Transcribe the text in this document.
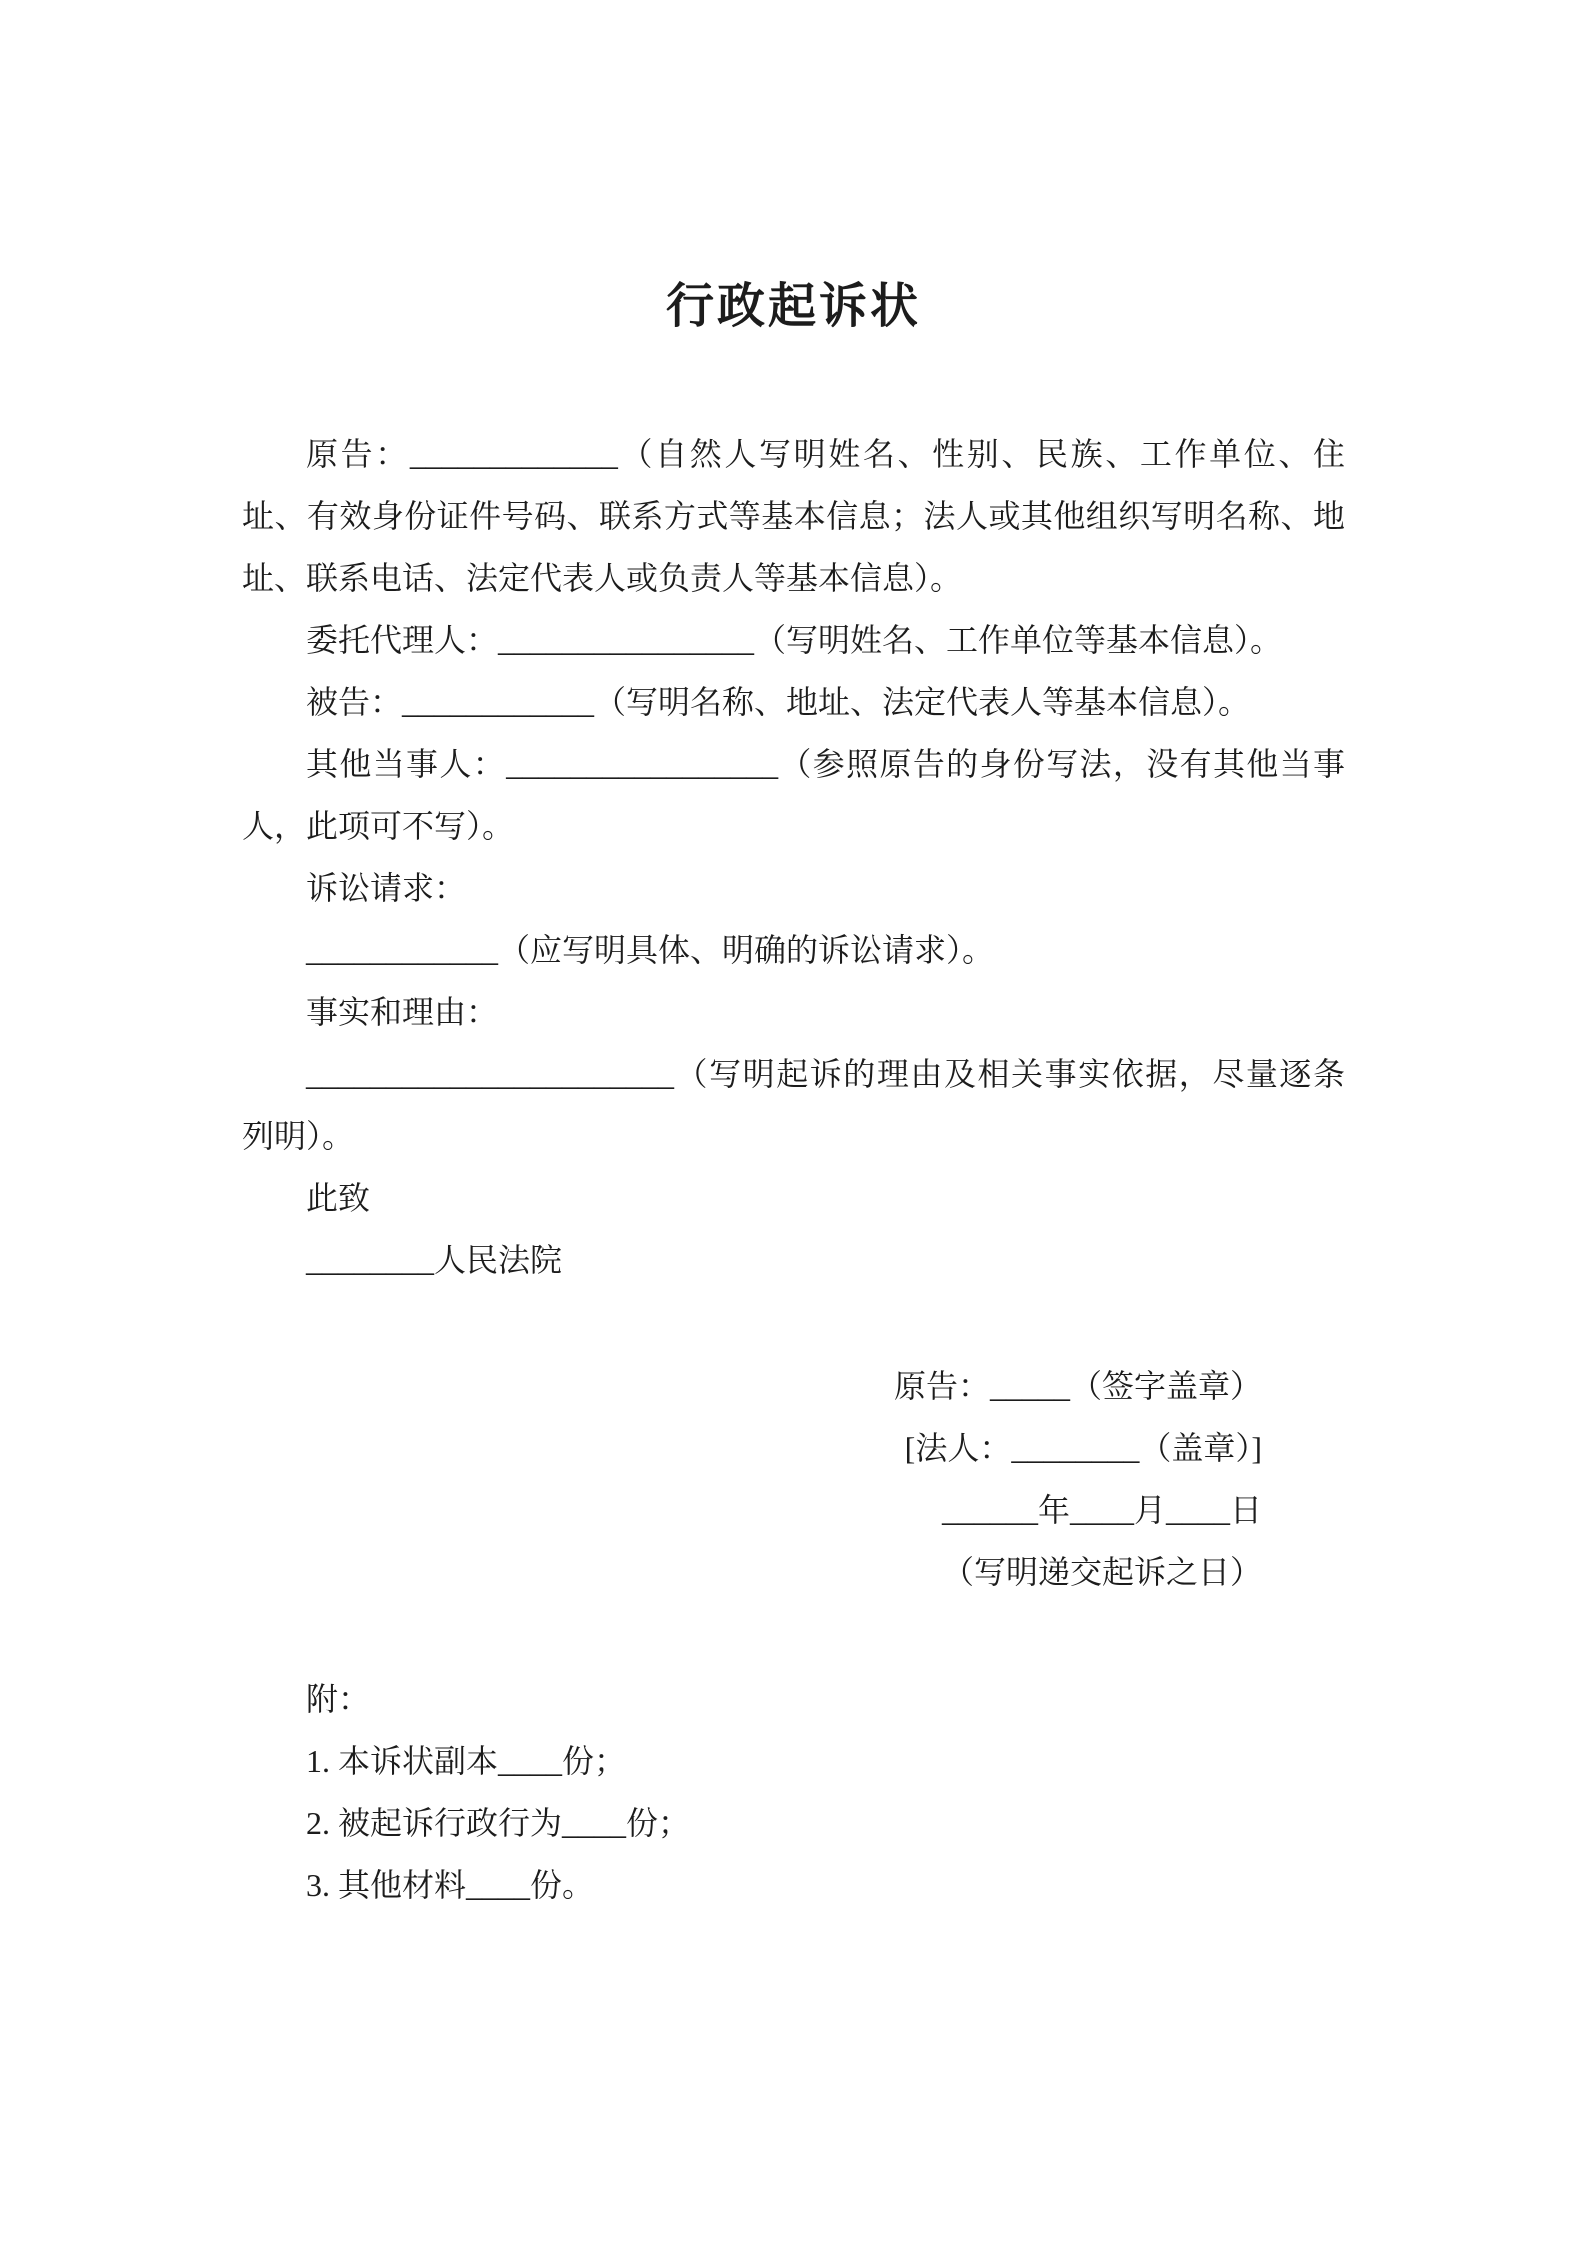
行政起诉状

原告：_____________（自然人写明姓名、性别、民族、工作单位、住址、有效身份证件号码、联系方式等基本信息；法人或其他组织写明名称、地址、联系电话、法定代表人或负责人等基本信息）。

委托代理人：________________（写明姓名、工作单位等基本信息）。

被告：____________（写明名称、地址、法定代表人等基本信息）。

其他当事人：_________________（参照原告的身份写法，没有其他当事人，此项可不写）。

诉讼请求：

____________（应写明具体、明确的诉讼请求）。

事实和理由：

_______________________（写明起诉的理由及相关事实依据，尽量逐条列明）。

此致

________人民法院

原告：_____（签字盖章）

[法人：________（盖章）]

______年____月____日

（写明递交起诉之日）

附：

1. 本诉状副本____份；

2. 被起诉行政行为____份；

3. 其他材料____份。
